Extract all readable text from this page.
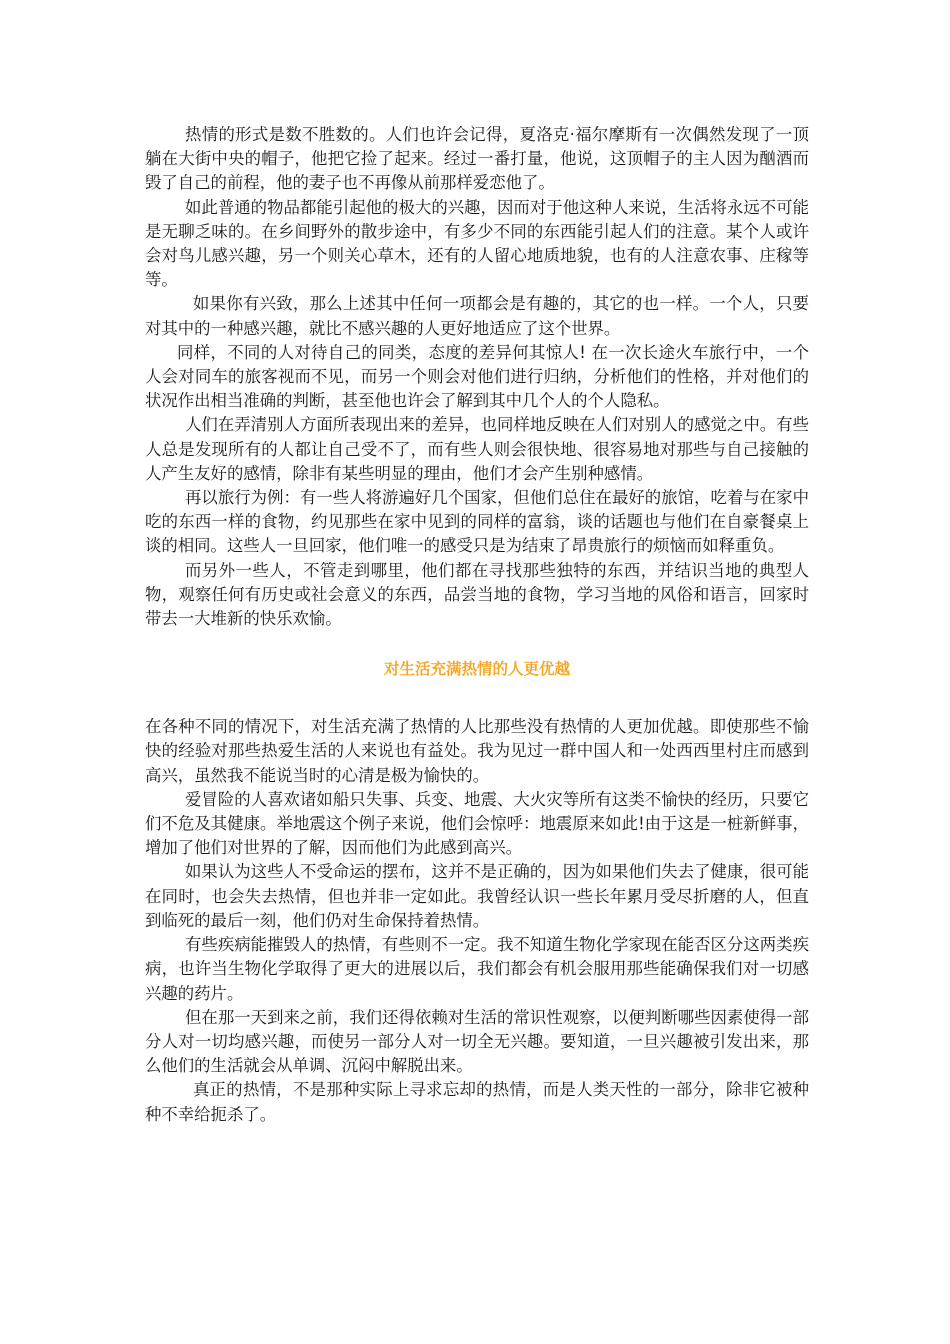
热情的形式是数不胜数的。人们也许会记得，夏洛克·福尔摩斯有一次偶然发现了一顶躺在大街中央的帽子，他把它捡了起来。经过一番打量，他说，这顶帽子的主人因为酗酒而毁了自己的前程，他的妻子也不再像从前那样爱恋他了。

如此普通的物品都能引起他的极大的兴趣，因而对于他这种人来说，生活将永远不可能是无聊乏味的。在乡间野外的散步途中，有多少不同的东西能引起人们的注意。某个人或许会对鸟儿感兴趣，另一个则关心草木，还有的人留心地质地貌，也有的人注意农事、庄稼等等。

如果你有兴致，那么上述其中任何一项都会是有趣的，其它的也一样。一个人，只要对其中的一种感兴趣，就比不感兴趣的人更好地适应了这个世界。

同样，不同的人对待自己的同类，态度的差异何其惊人! 在一次长途火车旅行中，一个人会对同车的旅客视而不见，而另一个则会对他们进行归纳，分析他们的性格，并对他们的状况作出相当准确的判断，甚至他也许会了解到其中几个人的个人隐私。

人们在弄清别人方面所表现出来的差异，也同样地反映在人们对别人的感觉之中。有些人总是发现所有的人都让自己受不了，而有些人则会很快地、很容易地对那些与自己接触的人产生友好的感情，除非有某些明显的理由，他们才会产生别种感情。

再以旅行为例：有一些人将游遍好几个国家，但他们总住在最好的旅馆，吃着与在家中吃的东西一样的食物，约见那些在家中见到的同样的富翁，谈的话题也与他们在自豪餐桌上谈的相同。这些人一旦回家，他们唯一的感受只是为结束了昂贵旅行的烦恼而如释重负。

而另外一些人，不管走到哪里，他们都在寻找那些独特的东西，并结识当地的典型人物，观察任何有历史或社会意义的东西，品尝当地的食物，学习当地的风俗和语言，回家时带去一大堆新的快乐欢愉。

对生活充满热情的人更优越

在各种不同的情况下，对生活充满了热情的人比那些没有热情的人更加优越。即使那些不愉快的经验对那些热爱生活的人来说也有益处。我为见过一群中国人和一处西西里村庄而感到高兴，虽然我不能说当时的心清是极为愉快的。

爱冒险的人喜欢诸如船只失事、兵变、地震、大火灾等所有这类不愉快的经历，只要它们不危及其健康。举地震这个例子来说，他们会惊呼：地震原来如此!由于这是一桩新鲜事，增加了他们对世界的了解，因而他们为此感到高兴。

如果认为这些人不受命运的摆布，这并不是正确的，因为如果他们失去了健康，很可能在同时，也会失去热情，但也并非一定如此。我曾经认识一些长年累月受尽折磨的人，但直到临死的最后一刻，他们仍对生命保持着热情。

有些疾病能摧毁人的热情，有些则不一定。我不知道生物化学家现在能否区分这两类疾病，也许当生物化学取得了更大的进展以后，我们都会有机会服用那些能确保我们对一切感兴趣的药片。

但在那一天到来之前，我们还得依赖对生活的常识性观察，以便判断哪些因素使得一部分人对一切均感兴趣，而使另一部分人对一切全无兴趣。要知道，一旦兴趣被引发出来，那么他们的生活就会从单调、沉闷中解脱出来。

真正的热情，不是那种实际上寻求忘却的热情，而是人类天性的一部分，除非它被种种不幸给扼杀了。
